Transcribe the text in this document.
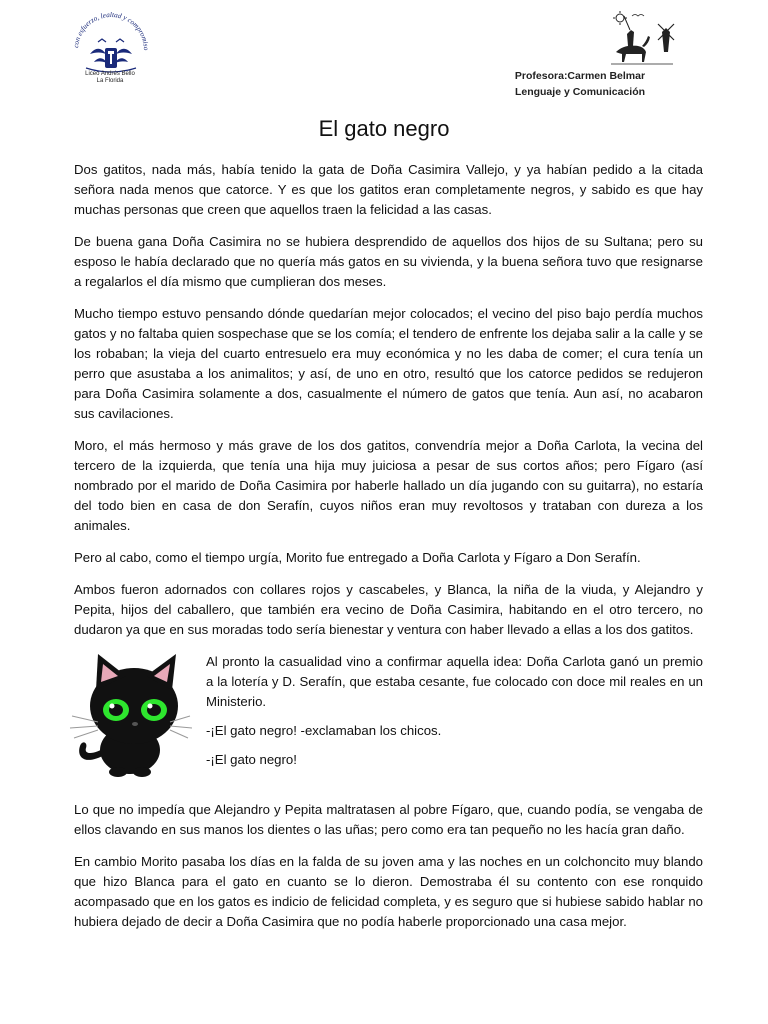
con esfuerzo, lealtad y compromiso
Liceo Andrés Bello
La Florida	Profesora:Carmen Belmar
Lenguaje y Comunicación
El gato negro

Dos gatitos, nada más, había tenido la gata de Doña Casimira Vallejo, y ya habían pedido a la citada señora nada menos que catorce. Y es que los gatitos eran completamente negros, y sabido es que hay muchas personas que creen que aquellos traen la felicidad a las casas.

De buena gana Doña Casimira no se hubiera desprendido de aquellos dos hijos de su Sultana; pero su esposo le había declarado que no quería más gatos en su vivienda, y la buena señora tuvo que resignarse a regalarlos el día mismo que cumplieran dos meses.

Mucho tiempo estuvo pensando dónde quedarían mejor colocados; el vecino del piso bajo perdía muchos gatos y no faltaba quien sospechase que se los comía; el tendero de enfrente los dejaba salir a la calle y se los robaban; la vieja del cuarto entresuelo era muy económica y no les daba de comer; el cura tenía un perro que asustaba a los animalitos; y así, de uno en otro, resultó que los catorce pedidos se redujeron para Doña Casimira solamente a dos, casualmente el número de gatos que tenía. Aun así, no acabaron sus cavilaciones.

Moro, el más hermoso y más grave de los dos gatitos, convendría mejor a Doña Carlota, la vecina del tercero de la izquierda, que tenía una hija muy juiciosa a pesar de sus cortos años; pero Fígaro (así nombrado por el marido de Doña Casimira por haberle hallado un día jugando con su guitarra), no estaría del todo bien en casa de don Serafín, cuyos niños eran muy revoltosos y trataban con dureza a los animales.

Pero al cabo, como el tiempo urgía, Morito fue entregado a Doña Carlota y Fígaro a Don Serafín.

Ambos fueron adornados con collares rojos y cascabeles, y Blanca, la niña de la viuda, y Alejandro y Pepita, hijos del caballero, que también era vecino de Doña Casimira, habitando en el otro tercero, no dudaron ya que en sus moradas todo sería bienestar y ventura con haber llevado a ellas a los dos gatitos.

Al pronto la casualidad vino a confirmar aquella idea: Doña Carlota ganó un premio a la lotería y D. Serafín, que estaba cesante, fue colocado con doce mil reales en un Ministerio.

-¡El gato negro! -exclamaban los chicos.

-¡El gato negro!

Lo que no impedía que Alejandro y Pepita maltratasen al pobre Fígaro, que, cuando podía, se vengaba de ellos clavando en sus manos los dientes o las uñas; pero como era tan pequeño no les hacía gran daño.

En cambio Morito pasaba los días en la falda de su joven ama y las noches en un colchoncito muy blando que hizo Blanca para el gato en cuanto se lo dieron. Demostraba él su contento con ese ronquido acompasado que en los gatos es indicio de felicidad completa, y es seguro que si hubiese sabido hablar no hubiera dejado de decir a Doña Casimira que no podía haberle proporcionado una casa mejor.
